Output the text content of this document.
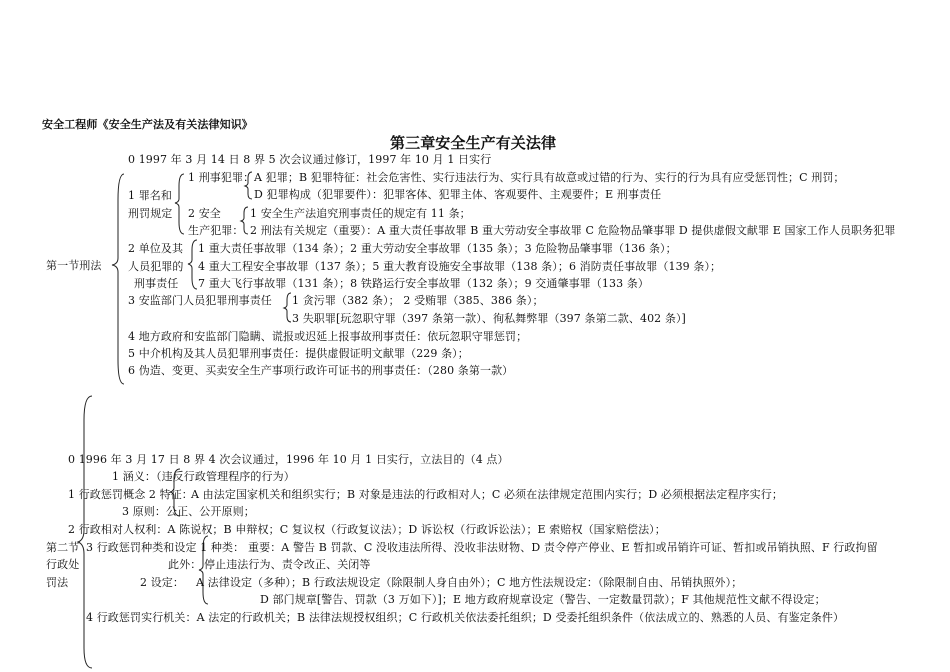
安全工程师《安全生产法及有关法律知识》
第三章安全生产有关法律
第一节刑法
0 1997 年 3 月 14 日 8 界 5 次会议通过修订，1997 年 10 月 1 日实行
1 罪名和
刑罚规定
1 刑事犯罪： A 犯罪；B 犯罪特征：社会危害性、实行违法行为、实行具有故意或过错的行为、实行的行为具有应受惩罚性；C 刑罚；
D 犯罪构成（犯罪要件）：犯罪客体、犯罪主体、客观要件、主观要件；E 刑事责任
2 安全
生产犯罪：
1 安全生产法追究刑事责任的规定有 11 条；
2 刑法有关规定（重要）：A 重大责任事故罪 B 重大劳动安全事故罪 C 危险物品肇事罪 D 提供虚假文献罪 E 国家工作人员职务犯罪
2 单位及其
人员犯罪的
刑事责任
1 重大责任事故罪（134 条）；2 重大劳动安全事故罪（135 条）；3 危险物品肇事罪（136 条）；
4 重大工程安全事故罪（137 条）；5 重大教育设施安全事故罪（138 条）；6 消防责任事故罪（139 条）；
7 重大飞行事故罪（131 条）；8 铁路运行安全事故罪（132 条）；9 交通肇事罪（133 条）
3 安监部门人员犯罪刑事责任 1 贪污罪（382 条）； 2 受贿罪（385、386 条）；
3 失职罪[玩忽职守罪（397 条第一款）、徇私舞弊罪（397 条第二款、402 条）]
4 地方政府和安监部门隐瞒、谎报或迟延上报事故刑事责任：依玩忽职守罪惩罚；
5 中介机构及其人员犯罪刑事责任：提供虚假证明文献罪（229 条）；
6 伪造、变更、买卖安全生产事项行政许可证书的刑事责任：（280 条第一款）
第二节
行政处
罚法
0 1996 年 3 月 17 日 8 界 4 次会议通过，1996 年 10 月 1 日实行，立法目的（4 点）
1 涵义：（违反行政管理程序的行为）
1 行政惩罚概念 2 特征：
A 由法定国家机关和组织实行；B 对象是违法的行政相对人；C 必须在法律规定范围内实行；D 必须根据法定程序实行；
3 原则：公正、公开原则；
2 行政相对人权利：A 陈说权；B 申辩权；C 复议权（行政复议法）；D 诉讼权（行政诉讼法）；E 索赔权（国家赔偿法）；
3 行政惩罚种类和设定 1 种类： 重要：A 警告 B 罚款、C 没收违法所得、没收非法财物、D 责令停产停业、E 暂扣或吊销许可证、暂扣或吊销执照、F 行政拘留
此外： 停止违法行为、责令改正、关闭等
2 设定： A 法律设定（多种）；B 行政法规设定（除限制人身自由外）；C 地方性法规设定：（除限制自由、吊销执照外）；
D 部门规章[警告、罚款（3 万如下）]；E 地方政府规章设定（警告、一定数量罚款）；F 其他规范性文献不得设定；
4 行政惩罚实行机关：A 法定的行政机关；B 法律法规授权组织；C 行政机关依法委托组织；D 受委托组织条件（依法成立的、熟悉的人员、有鉴定条件）
